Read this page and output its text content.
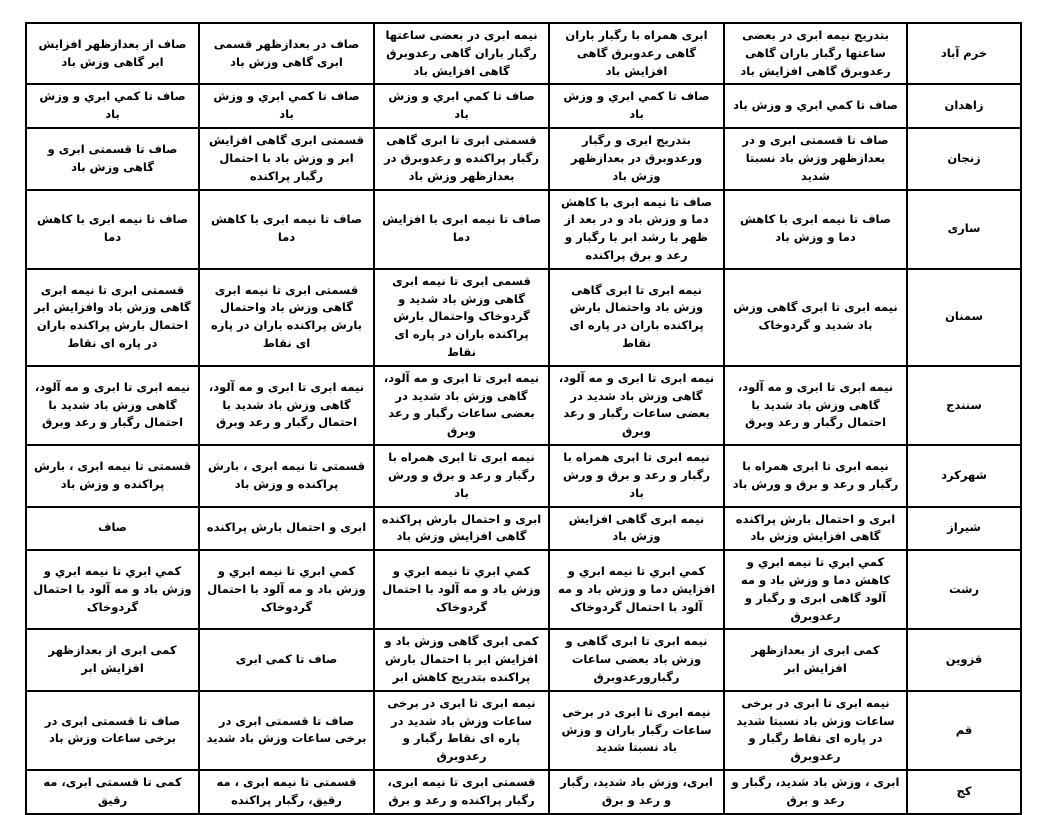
خرم آباد	بتدریج نیمه ابری در بعضی ساعتها رگبار باران گاهی رعدوبرق گاهی افزایش باد	ابری همراه با رگبار باران گاهی رعدوبرق گاهی افزایش باد	نیمه ابری در بعضی ساعتها رگبار باران گاهی رعدوبرق گاهی افزایش باد	صاف در بعدازظهر قسمی ابری گاهی وزش باد	صاف از بعدازظهر افزایش ابر گاهی وزش باد
زاهدان	صاف تا كمي ابري و وزش باد	صاف تا كمي ابري و وزش باد	صاف تا كمي ابري و وزش باد	صاف تا كمي ابري و وزش باد	صاف تا كمي ابري و وزش باد
زنجان	صاف تا قسمتی ابری و در بعدازظهر وزش باد نسبتا شدید	بتدریج ابری و رگبار ورعدوبرق در بعدازظهر وزش باد	قسمتی ابری تا ابری گاهی رگبار پراکنده و رعدوبرق در بعدازظهر وزش باد	قسمتی ابری گاهی افزایش ابر و وزش باد با احتمال رگبار پراکنده	صاف تا قسمتی ابری و گاهی وزش باد
ساری	صاف تا نیمه ابری با کاهش دما و وزش باد	صاف تا نیمه ابری با کاهش دما و وزش باد و در بعد از ظهر با رشد ابر با رگبار و رعد و برق پراکنده	صاف تا نیمه ابری با افزایش دما	صاف تا نیمه ابری با کاهش دما	صاف تا نیمه ابری با کاهش دما
سمنان	نیمه ابری تا ابری گاهی وزش باد شدید و گردوخاک	نیمه ابری تا ابری گاهی وزش باد واحتمال بارش پراکنده باران در پاره ای نقاط	قسمی ابری تا نیمه ابری گاهی وزش باد شدید و گردوخاک واحتمال بارش پراکنده باران در پاره ای نقاط	قسمتی ابری تا نیمه ابری گاهی وزش باد واحتمال بارش پراکنده باران در پاره ای نقاط	قسمتی ابری تا نیمه ابری گاهی وزش باد وافزایش ابر احتمال بارش پراکنده باران در پاره ای نقاط
سنندج	نیمه ابری تا ابری و مه آلود، گاهی وزش باد شدید با احتمال رگبار و رعد وبرق	نیمه ابری تا ابری و مه آلود، گاهی وزش باد شدید در بعضی ساعات رگبار و رعد وبرق	نیمه ابری تا ابری و مه آلود، گاهی وزش باد شدید در بعضی ساعات رگبار و رعد وبرق	نیمه ابری تا ابری و مه آلود، گاهی وزش باد شدید با احتمال رگبار و رعد وبرق	نیمه ابری تا ابری و مه آلود، گاهی وزش باد شدید با احتمال رگبار و رعد وبرق
شهرکرد	نیمه ابری تا ابری همراه با رگبار و رعد و برق و ورش باد	نیمه ابری تا ابری همراه با رگبار و رعد و برق و ورش باد	نیمه ابری تا ابری همراه با رگبار و رعد و برق و ورش باد	قسمتی تا نیمه ابری ، بارش پراکنده و وزش باد	قسمتی تا نیمه ابری ، بارش پراکنده و وزش باد
شیراز	ابری و احتمال بارش پراکنده گاهی افزایش وزش باد	نیمه ابری گاهی افزایش وزش باد	ابری و احتمال بارش پراکنده گاهی افزایش وزش باد	ابری و احتمال بارش پراکنده	صاف
رشت	كمي ابري تا نیمه ابري و کاهش دما و وزش باد و مه آلود گاهی ابری و رگبار و رعدوبرق	كمي ابري تا نیمه ابري و افزایش دما و وزش باد و مه آلود با احتمال گردوخاک	كمي ابري تا نیمه ابري و وزش باد و مه آلود با احتمال گردوخاک	كمي ابري تا نیمه ابري و وزش باد و مه آلود با احتمال گردوخاک	كمي ابري تا نیمه ابري و وزش باد و مه آلود با احتمال گردوخاک
قزوین	کمی ابری از بعدازظهر افزایش ابر	نیمه ابری تا ابری گاهی و وزش باد بعضی ساعات رگبارورعدوبرق	کمی ابری گاهی وزش باد و افزایش ابر با احتمال بارش پراکنده بتدریج کاهش ابر	صاف تا کمی ابری	کمی ابری از بعدازظهر افزایش ابر
قم	نیمه ابری تا ابری در برخی ساعات وزش باد نسبتا شدید در پاره ای نقاط رگبار و رعدوبرق	نیمه ابری تا ابری در برخی ساعات رگبار باران و وزش باد نسبتا شدید	نیمه ابری تا ابری در برخی ساعات وزش باد شدید در پاره ای نقاط رگبار و رعدوبرق	صاف تا قسمتی ابری در برخی ساعات وزش باد شدید	صاف تا قسمتی ابری در برخی ساعات وزش باد
کج	ابری ، وزش باد شدید، رگبار و رعد و برق	ابری، وزش باد شدید، رگبار و رعد و برق	قسمتی ابری تا نیمه ابری، رگبار پراکنده و رعد و برق	قسمتی تا نیمه ابری ، مه رقیق، رگبار پراکنده	کمی تا قسمتی ابری، مه رقیق
